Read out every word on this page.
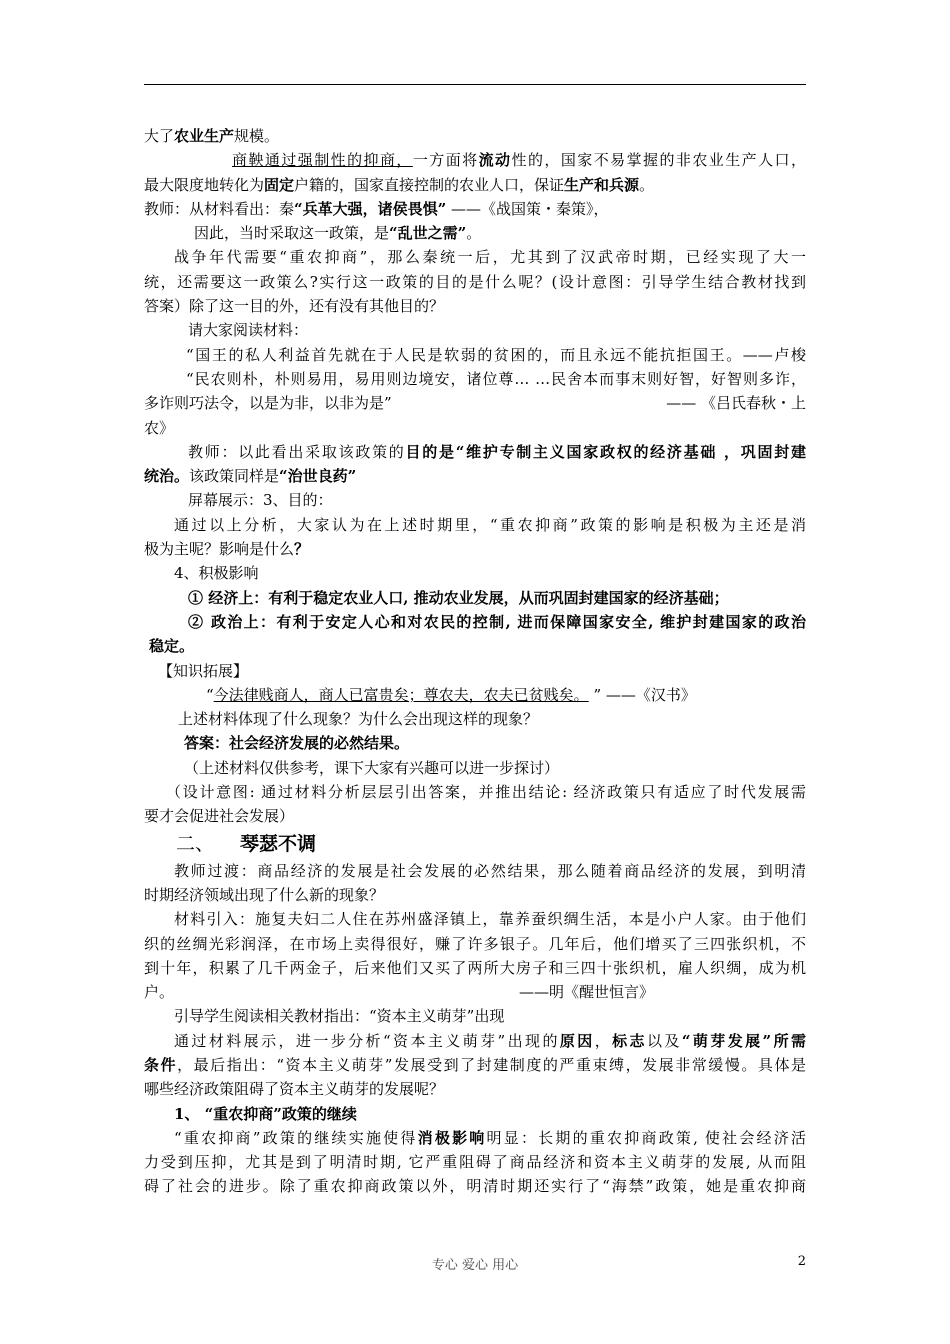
大了农业生产规模。
商鞅通过强制性的抑商，一方面将流动性的，国家不易掌握的非农业生产人口，
最大限度地转化为固定户籍的，国家直接控制的农业人口，保证生产和兵源。
教师：从材料看出：秦“兵革大强，诸侯畏惧” ——《战国策・秦策》，
因此，当时采取这一政策，是“乱世之需”。
战争年代需要“重农抑商”，那么秦统一后，尤其到了汉武帝时期，已经实现了大一
统，还需要这一政策么?实行这一政策的目的是什么呢？(设计意图：引导学生结合教材找到
答案）除了这一目的外，还有没有其他目的？
请大家阅读材料：
“国王的私人利益首先就在于人民是软弱的贫困的，而且永远不能抗拒国王。——卢梭
“民农则朴，朴则易用，易用则边境安，诸位尊… …民舍本而事末则好智，好智则多诈，
多诈则巧法令，以是为非，以非为是”	—— 《吕氏春秋・上
农》
教师：以此看出采取该政策的目的是“维护专制主义国家政权的经济基础 ，巩固封建
统治。该政策同样是“治世良药”
屏幕展示：3、目的：
通过以上分析，大家认为在上述时期里，“重农抑商”政策的影响是积极为主还是消
极为主呢？影响是什么？
4、积极影响
① 经济上：有利于稳定农业人口, 推动农业发展，从而巩固封建国家的经济基础；
② 政治上：有利于安定人心和对农民的控制, 进而保障国家安全, 维护封建国家的政治
稳定。
【知识拓展】
“今法律贱商人，商人已富贵矣；尊农夫，农夫已贫贱矣。 ” ——《汉书》
上述材料体现了什么现象？为什么会出现这样的现象？
答案：社会经济发展的必然结果。
（上述材料仅供参考，课下大家有兴趣可以进一步探讨）
（设计意图: 通过材料分析层层引出答案，并推出结论: 经济政策只有适应了时代发展需
要才会促进社会发展）
二、 琴瑟不调
教师过渡：商品经济的发展是社会发展的必然结果，那么随着商品经济的发展，到明清
时期经济领域出现了什么新的现象？
材料引入：施复夫妇二人住在苏州盛泽镇上，靠养蚕织绸生活，本是小户人家。由于他们
织的丝绸光彩润泽，在市场上卖得很好，赚了许多银子。几年后，他们增买了三四张织机，不
到十年，积累了几千两金子，后来他们又买了两所大房子和三四十张织机，雇人织绸，成为机
户。	——明《醒世恒言》
引导学生阅读相关教材指出：“资本主义萌芽”出现
通过材料展示，进一步分析“资本主义萌芽”出现的原因，标志以及“萌芽发展”所需
条件，最后指出：“资本主义萌芽”发展受到了封建制度的严重束缚，发展非常缓慢。具体是
哪些经济政策阻碍了资本主义萌芽的发展呢？
1、 “重农抑商”政策的继续
“重农抑商”政策的继续实施使得消极影响明显：长期的重农抑商政策, 使社会经济活
力受到压抑，尤其是到了明清时期, 它严重阻碍了商品经济和资本主义萌芽的发展, 从而阻
碍了社会的进步。除了重农抑商政策以外，明清时期还实行了“海禁”政策，她是重农抑商
专心 爱心 用心	2
